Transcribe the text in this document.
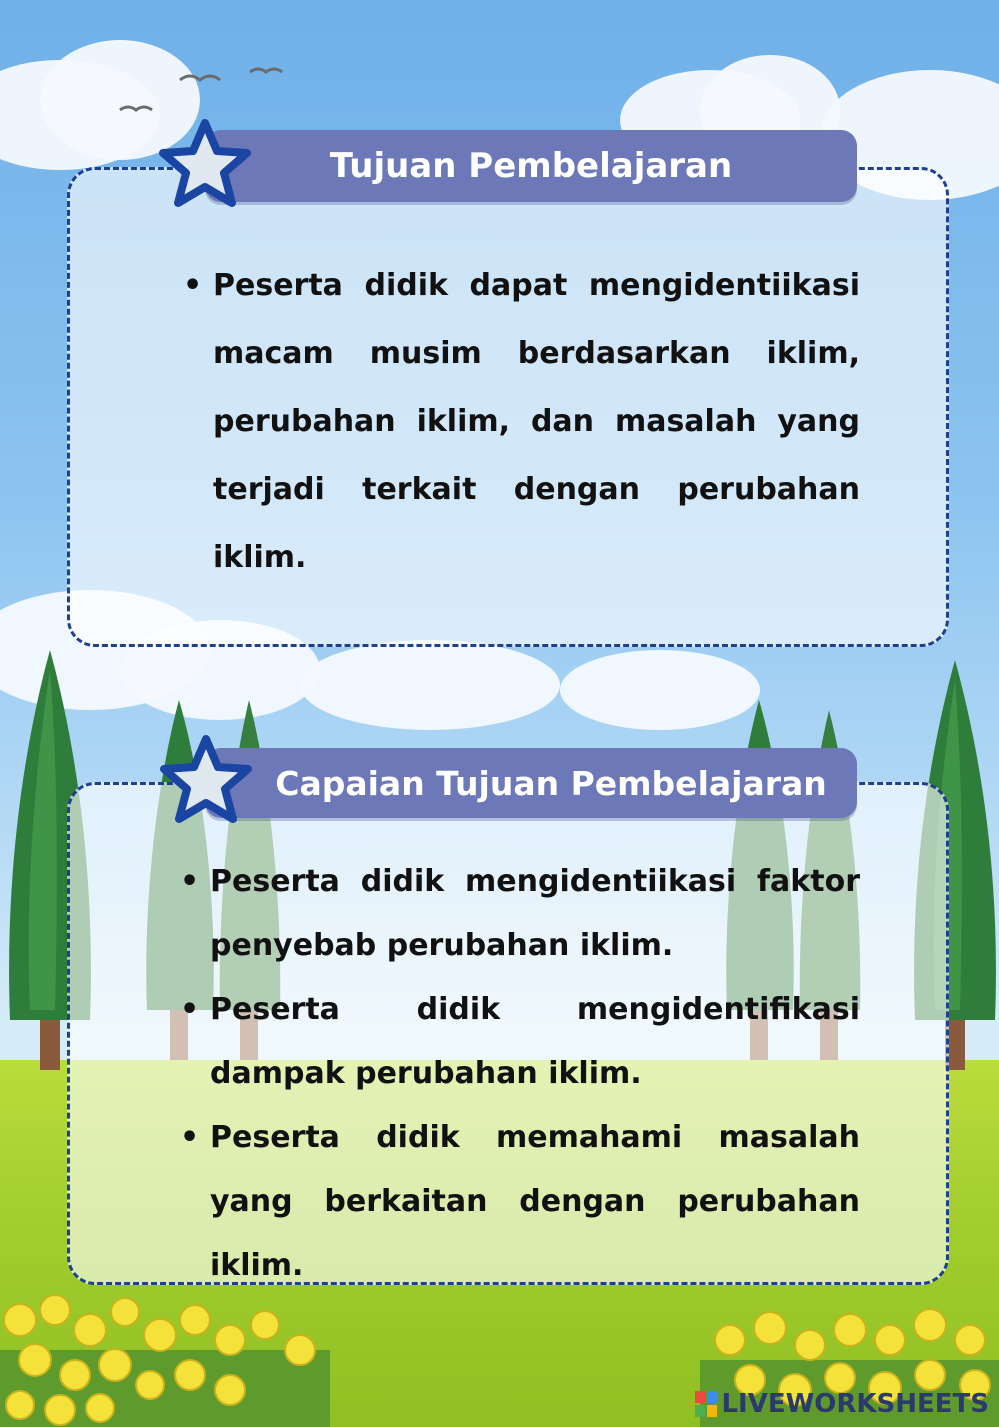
Tujuan Pembelajaran
• Peserta didik dapat mengidentiikasi macam musim berdasarkan iklim, perubahan iklim, dan masalah yang terjadi terkait dengan perubahan iklim.
Capaian Tujuan Pembelajaran
• Peserta didik mengidentiikasi faktor penyebab perubahan iklim.
• Peserta didik mengidentifikasi dampak perubahan iklim.
• Peserta didik memahami masalah yang berkaitan dengan perubahan iklim.
LIVEWORKSHEETS
